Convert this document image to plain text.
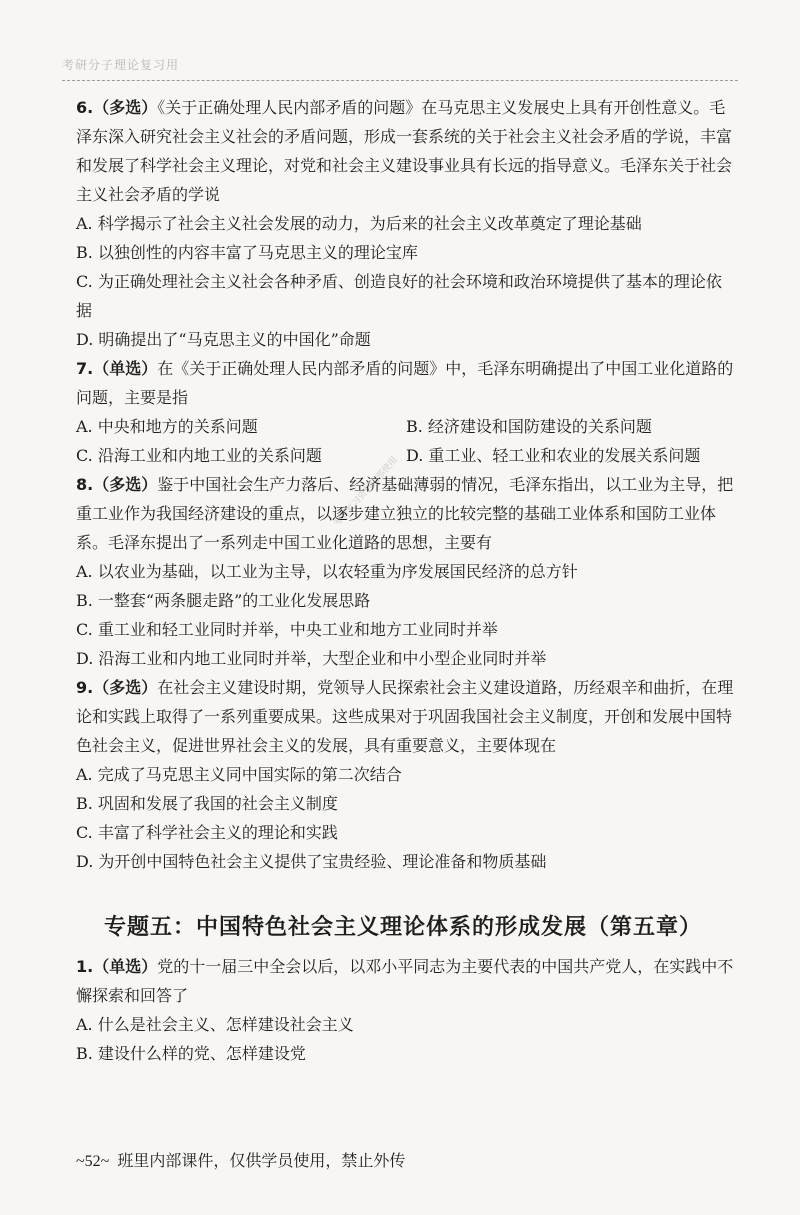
考研分子理论复习用
考研复习资料内部使用

6.（多选）《关于正确处理人民内部矛盾的问题》在马克思主义发展史上具有开创性意义。毛泽东深入研究社会主义社会的矛盾问题，形成一套系统的关于社会主义社会矛盾的学说，丰富和发展了科学社会主义理论，对党和社会主义建设事业具有长远的指导意义。毛泽东关于社会主义社会矛盾的学说

A. 科学揭示了社会主义社会发展的动力，为后来的社会主义改革奠定了理论基础

B. 以独创性的内容丰富了马克思主义的理论宝库

C. 为正确处理社会主义社会各种矛盾、创造良好的社会环境和政治环境提供了基本的理论依据

D. 明确提出了“马克思主义的中国化”命题

7.（单选）在《关于正确处理人民内部矛盾的问题》中，毛泽东明确提出了中国工业化道路的问题，主要是指

A. 中央和地方的关系问题	B. 经济建设和国防建设的关系问题

C. 沿海工业和内地工业的关系问题	D. 重工业、轻工业和农业的发展关系问题

8.（多选）鉴于中国社会生产力落后、经济基础薄弱的情况，毛泽东指出，以工业为主导，把重工业作为我国经济建设的重点，以逐步建立独立的比较完整的基础工业体系和国防工业体系。毛泽东提出了一系列走中国工业化道路的思想，主要有

A. 以农业为基础，以工业为主导，以农轻重为序发展国民经济的总方针

B. 一整套“两条腿走路”的工业化发展思路

C. 重工业和轻工业同时并举，中央工业和地方工业同时并举

D. 沿海工业和内地工业同时并举，大型企业和中小型企业同时并举

9.（多选）在社会主义建设时期，党领导人民探索社会主义建设道路，历经艰辛和曲折，在理论和实践上取得了一系列重要成果。这些成果对于巩固我国社会主义制度，开创和发展中国特色社会主义，促进世界社会主义的发展，具有重要意义，主要体现在

A. 完成了马克思主义同中国实际的第二次结合

B. 巩固和发展了我国的社会主义制度

C. 丰富了科学社会主义的理论和实践

D. 为开创中国特色社会主义提供了宝贵经验、理论准备和物质基础

专题五：中国特色社会主义理论体系的形成发展（第五章）

1.（单选）党的十一届三中全会以后，以邓小平同志为主要代表的中国共产党人，在实践中不懈探索和回答了

A. 什么是社会主义、怎样建设社会主义

B. 建设什么样的党、怎样建设党

~52~ 班里内部课件，仅供学员使用，禁止外传
